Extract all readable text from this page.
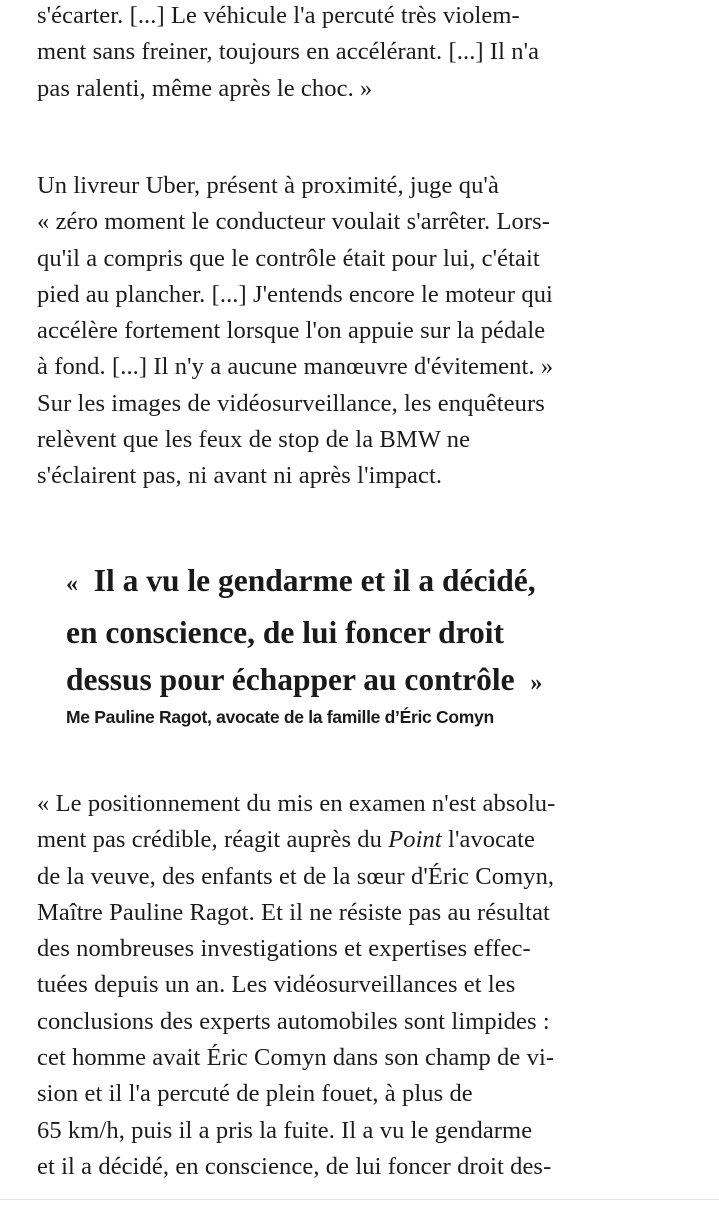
s'écarter. [...] Le véhicule l'a percuté très violem-
ment sans freiner, toujours en accélérant. [...] Il n'a
pas ralenti, même après le choc. »

Un livreur Uber, présent à proximité, juge qu'à
« zéro moment le conducteur voulait s'arrêter. Lors-
qu'il a compris que le contrôle était pour lui, c'était
pied au plancher. [...] J'entends encore le moteur qui
accélère fortement lorsque l'on appuie sur la pédale
à fond. [...] Il n'y a aucune manœuvre d'évitement. »
Sur les images de vidéosurveillance, les enquêteurs
relèvent que les feux de stop de la BMW ne
s'éclairent pas, ni avant ni après l'impact.

« Il a vu le gendarme et il a décidé,
en conscience, de lui foncer droit
dessus pour échapper au contrôle »
Me Pauline Ragot, avocate de la famille d’Éric Comyn

« Le positionnement du mis en examen n'est absolu-
ment pas crédible, réagit auprès du Point l'avocate
de la veuve, des enfants et de la sœur d'Éric Comyn,
Maître Pauline Ragot. Et il ne résiste pas au résultat
des nombreuses investigations et expertises effec-
tuées depuis un an. Les vidéosurveillances et les
conclusions des experts automobiles sont limpides :
cet homme avait Éric Comyn dans son champ de vi-
sion et il l'a percuté de plein fouet, à plus de
65 km/h, puis il a pris la fuite. Il a vu le gendarme
et il a décidé, en conscience, de lui foncer droit des-
